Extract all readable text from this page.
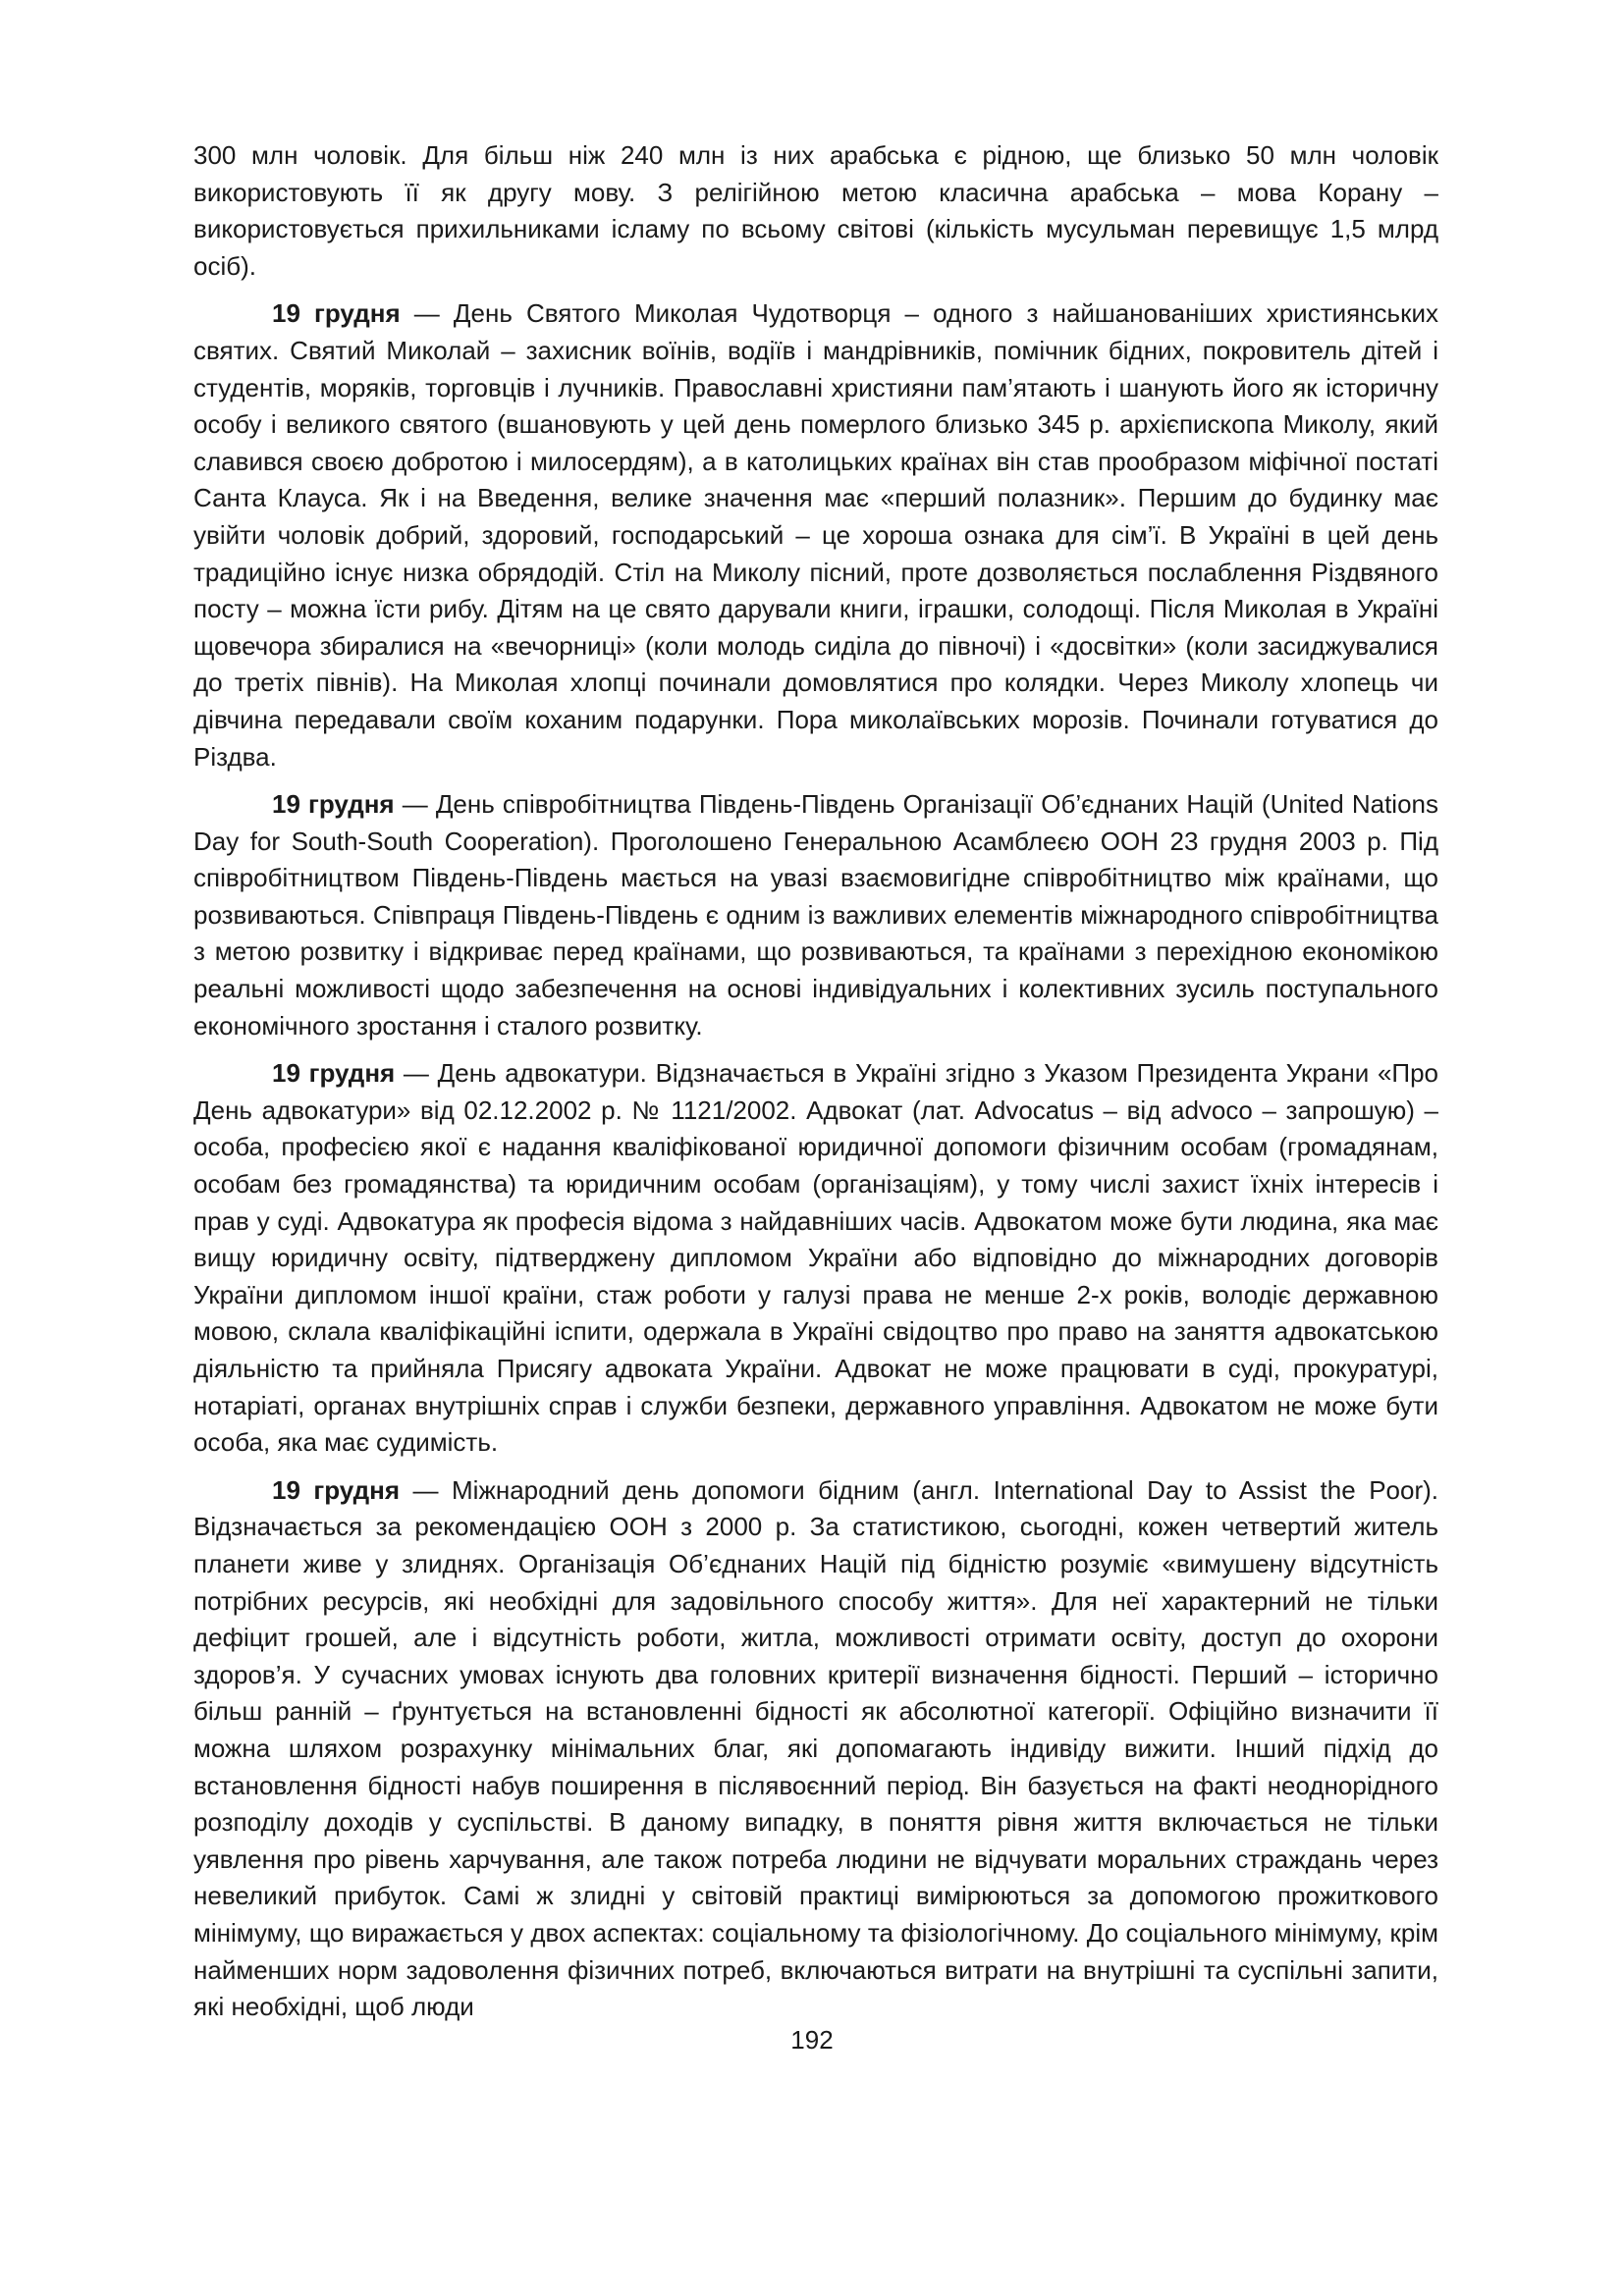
300 млн чоловік. Для більш ніж 240 млн із них арабська є рідною, ще близько 50 млн чоловік використовують її як другу мову. З релігійною метою класична арабська – мова Корану – використовується прихильниками ісламу по всьому світові (кількість мусульман перевищує 1,5 млрд осіб).

19 грудня — День Святого Миколая Чудотворця – одного з найшанованіших християнських святих. Святий Миколай – захисник воїнів, водіїв і мандрівників, помічник бідних, покровитель дітей і студентів, моряків, торговців і лучників. Православні християни пам’ятають і шанують його як історичну особу і великого святого (вшановують у цей день померлого близько 345 р. архієпископа Миколу, який славився своєю добротою і милосердям), а в католицьких країнах він став прообразом міфічної постаті Санта Клауса. Як і на Введення, велике значення має «перший полазник». Першим до будинку має увійти чоловік добрий, здоровий, господарський – це хороша ознака для сім’ї. В Україні в цей день традиційно існує низка обрядодій. Стіл на Миколу пісний, проте дозволяється послаблення Різдвяного посту – можна їсти рибу. Дітям на це свято дарували книги, іграшки, солодощі. Після Миколая в Україні щовечора збиралися на «вечорниці» (коли молодь сиділа до півночі) і «досвітки» (коли засиджувалися до третіх півнів). На Миколая хлопці починали домовлятися про колядки. Через Миколу хлопець чи дівчина передавали своїм коханим подарунки. Пора миколаївських морозів. Починали готуватися до Різдва.

19 грудня — День співробітництва Південь-Південь Організації Об’єднаних Націй (United Nations Day for South-South Cooperation). Проголошено Генеральною Асамблеєю ООН 23 грудня 2003 р. Під співробітництвом Південь-Південь мається на увазі взаємовигідне співробітництво між країнами, що розвиваються. Співпраця Південь-Південь є одним із важливих елементів міжнародного співробітництва з метою розвитку і відкриває перед країнами, що розвиваються, та країнами з перехідною економікою реальні можливості щодо забезпечення на основі індивідуальних і колективних зусиль поступального економічного зростання і сталого розвитку.

19 грудня — День адвокатури. Відзначається в Україні згідно з Указом Президента Украни «Про День адвокатури» від 02.12.2002 р. № 1121/2002. Адвокат (лат. Advocatus – від advoco – запрошую) – особа, професією якої є надання кваліфікованої юридичної допомоги фізичним особам (громадянам, особам без громадянства) та юридичним особам (організаціям), у тому числі захист їхніх інтересів і прав у суді. Адвокатура як професія відома з найдавніших часів. Адвокатом може бути людина, яка має вищу юридичну освіту, підтверджену дипломом України або відповідно до міжнародних договорів України дипломом іншої країни, стаж роботи у галузі права не менше 2-х років, володіє державною мовою, склала кваліфікаційні іспити, одержала в Україні свідоцтво про право на заняття адвокатською діяльністю та прийняла Присягу адвоката України. Адвокат не може працювати в суді, прокуратурі, нотаріаті, органах внутрішніх справ і служби безпеки, державного управління. Адвокатом не може бути особа, яка має судимість.

19 грудня — Міжнародний день допомоги бідним (англ. International Day to Assist the Poor). Відзначається за рекомендацією ООН з 2000 р. За статистикою, сьогодні, кожен четвертий житель планети живе у злиднях. Організація Об’єднаних Націй під бідністю розуміє «вимушену відсутність потрібних ресурсів, які необхідні для задовільного способу життя». Для неї характерний не тільки дефіцит грошей, але і відсутність роботи, житла, можливості отримати освіту, доступ до охорони здоров’я. У сучасних умовах існують два головних критерії визначення бідності. Перший – історично більш ранній – ґрунтується на встановленні бідності як абсолютної категорії. Офіційно визначити її можна шляхом розрахунку мінімальних благ, які допомагають індивіду вижити. Інший підхід до встановлення бідності набув поширення в післявоєнний період. Він базується на факті неоднорідного розподілу доходів у суспільстві. В даному випадку, в поняття рівня життя включається не тільки уявлення про рівень харчування, але також потреба людини не відчувати моральних страждань через невеликий прибуток. Самі ж злидні у світовій практиці вимірюються за допомогою прожиткового мінімуму, що виражається у двох аспектах: соціальному та фізіологічному. До соціального мінімуму, крім найменших норм задоволення фізичних потреб, включаються витрати на внутрішні та суспільні запити, які необхідні, щоб люди

192
